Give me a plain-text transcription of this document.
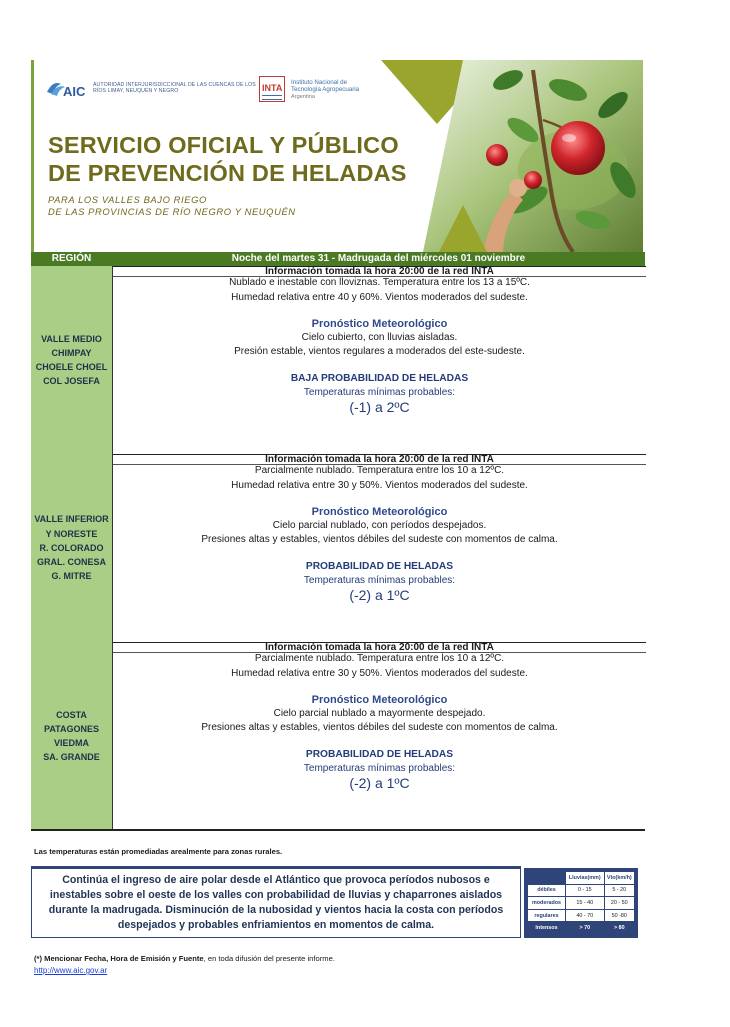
AIC AUTORIDAD INTERJURISDICCIONAL DE LAS CUENCAS DE LOS RÍOS LIMAY, NEUQUÉN Y NEGRO	INTA
Instituto Nacional de
Tecnología Agropecuaria
Argentina
SERVICIO OFICIAL Y PÚBLICO
DE PREVENCIÓN DE HELADAS
PARA LOS VALLES BAJO RIEGO
DE LAS PROVINCIAS DE RÍO NEGRO Y NEUQUÉN
REGIÓN	Noche del martes 31 - Madrugada del miércoles 01 noviembre
VALLE MEDIO
CHIMPAY
CHOELE CHOEL
COL JOSEFA
Información tomada la hora 20:00 de la red INTA
Nublado e inestable con lloviznas. Temperatura entre los 13 a 15ºC.
Humedad relativa entre 40 y 60%. Vientos moderados del sudeste.
Pronóstico Meteorológico
Cielo cubierto, con lluvias aisladas.
Presión estable, vientos regulares a moderados del este-sudeste.
BAJA PROBABILIDAD DE HELADAS
Temperaturas mínimas probables:
(-1) a 2ºC
VALLE INFERIOR
Y NORESTE
R. COLORADO
GRAL. CONESA
G. MITRE
Información tomada la hora 20:00 de la red INTA
Parcialmente nublado. Temperatura entre los 10 a 12ºC.
Humedad relativa entre 30 y 50%. Vientos moderados del sudeste.
Pronóstico Meteorológico
Cielo parcial nublado, con períodos despejados.
Presiones altas y estables, vientos débiles del sudeste con momentos de calma.
PROBABILIDAD DE HELADAS
Temperaturas mínimas probables:
(-2) a 1ºC
COSTA
PATAGONES
VIEDMA
SA. GRANDE
Información tomada la hora 20:00 de la red INTA
Parcialmente nublado. Temperatura entre los 10 a 12ºC.
Humedad relativa entre 30 y 50%. Vientos moderados del sudeste.
Pronóstico Meteorológico
Cielo parcial nublado a mayormente despejado.
Presiones altas y estables, vientos débiles del sudeste con momentos de calma.
PROBABILIDAD DE HELADAS
Temperaturas mínimas probables:
(-2) a 1ºC
Las temperaturas están promediadas arealmente para zonas rurales.
Continúa el ingreso de aire polar desde el Atlántico que provoca períodos nubosos e inestables sobre el oeste de los valles con probabilidad de lluvias y chaparrones aislados durante la madrugada. Disminución de la nubosidad y vientos hacia la costa con períodos despejados y probables enfriamientos en momentos de calma.
	Lluvias(mm)	Vto(km/h)
débiles	0 - 15	5 - 20
moderados	15 - 40	20 - 50
regulares	40 - 70	50 -80
Intensos	> 70	> 80
(*) Mencionar Fecha, Hora de Emisión y Fuente, en toda difusión del presente informe.
http://www.aic.gov.ar
